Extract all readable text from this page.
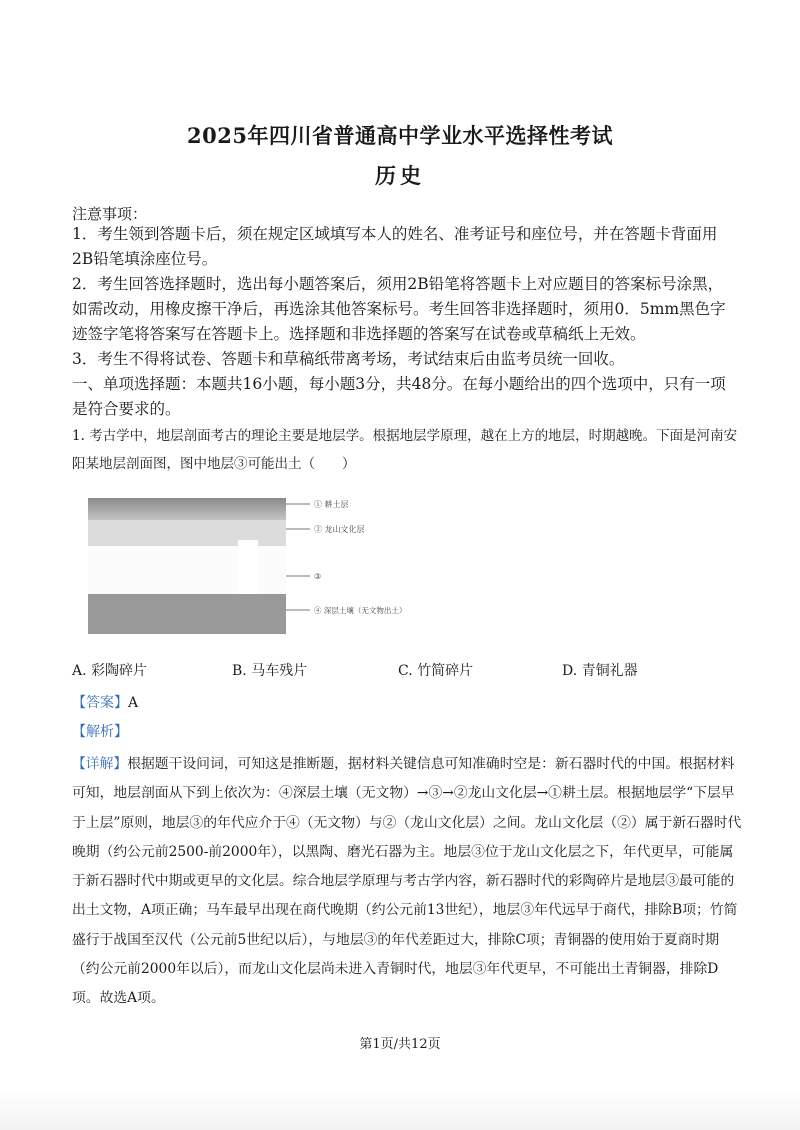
2025年四川省普通高中学业水平选择性考试
历史
注意事项：

1．考生领到答题卡后，须在规定区域填写本人的姓名、准考证号和座位号，并在答题卡背面用2B铅笔填涂座位号。

2．考生回答选择题时，选出每小题答案后，须用2B铅笔将答题卡上对应题目的答案标号涂黑，如需改动，用橡皮擦干净后，再选涂其他答案标号。考生回答非选择题时，须用0．5mm黑色字迹签字笔将答案写在答题卡上。选择题和非选择题的答案写在试卷或草稿纸上无效。

3．考生不得将试卷、答题卡和草稿纸带离考场，考试结束后由监考员统一回收。

一、单项选择题：本题共16小题，每小题3分，共48分。在每小题给出的四个选项中，只有一项是符合要求的。

1. 考古学中，地层剖面考古的理论主要是地层学。根据地层学原理，越在上方的地层，时期越晚。下面是河南安阳某地层剖面图，图中地层③可能出土（　　）

① 耕土层
② 龙山文化层
③
④ 深层土壤（无文物出土）
A. 彩陶碎片	B. 马车残片	C. 竹简碎片	D. 青铜礼器
【答案】A
【解析】

【详解】根据题干设问词，可知这是推断题，据材料关键信息可知准确时空是：新石器时代的中国。根据材料可知，地层剖面从下到上依次为：④深层土壤（无文物）→③→②龙山文化层→①耕土层。根据地层学“下层早于上层”原则，地层③的年代应介于④（无文物）与②（龙山文化层）之间。龙山文化层（②）属于新石器时代晚期（约公元前2500-前2000年），以黑陶、磨光石器为主。地层③位于龙山文化层之下，年代更早，可能属于新石器时代中期或更早的文化层。综合地层学原理与考古学内容，新石器时代的彩陶碎片是地层③最可能的出土文物，A项正确；马车最早出现在商代晚期（约公元前13世纪），地层③年代远早于商代，排除B项；竹简盛行于战国至汉代（公元前5世纪以后），与地层③的年代差距过大，排除C项；青铜器的使用始于夏商时期（约公元前2000年以后），而龙山文化层尚未进入青铜时代，地层③年代更早，不可能出土青铜器，排除D项。故选A项。

第1页/共12页
